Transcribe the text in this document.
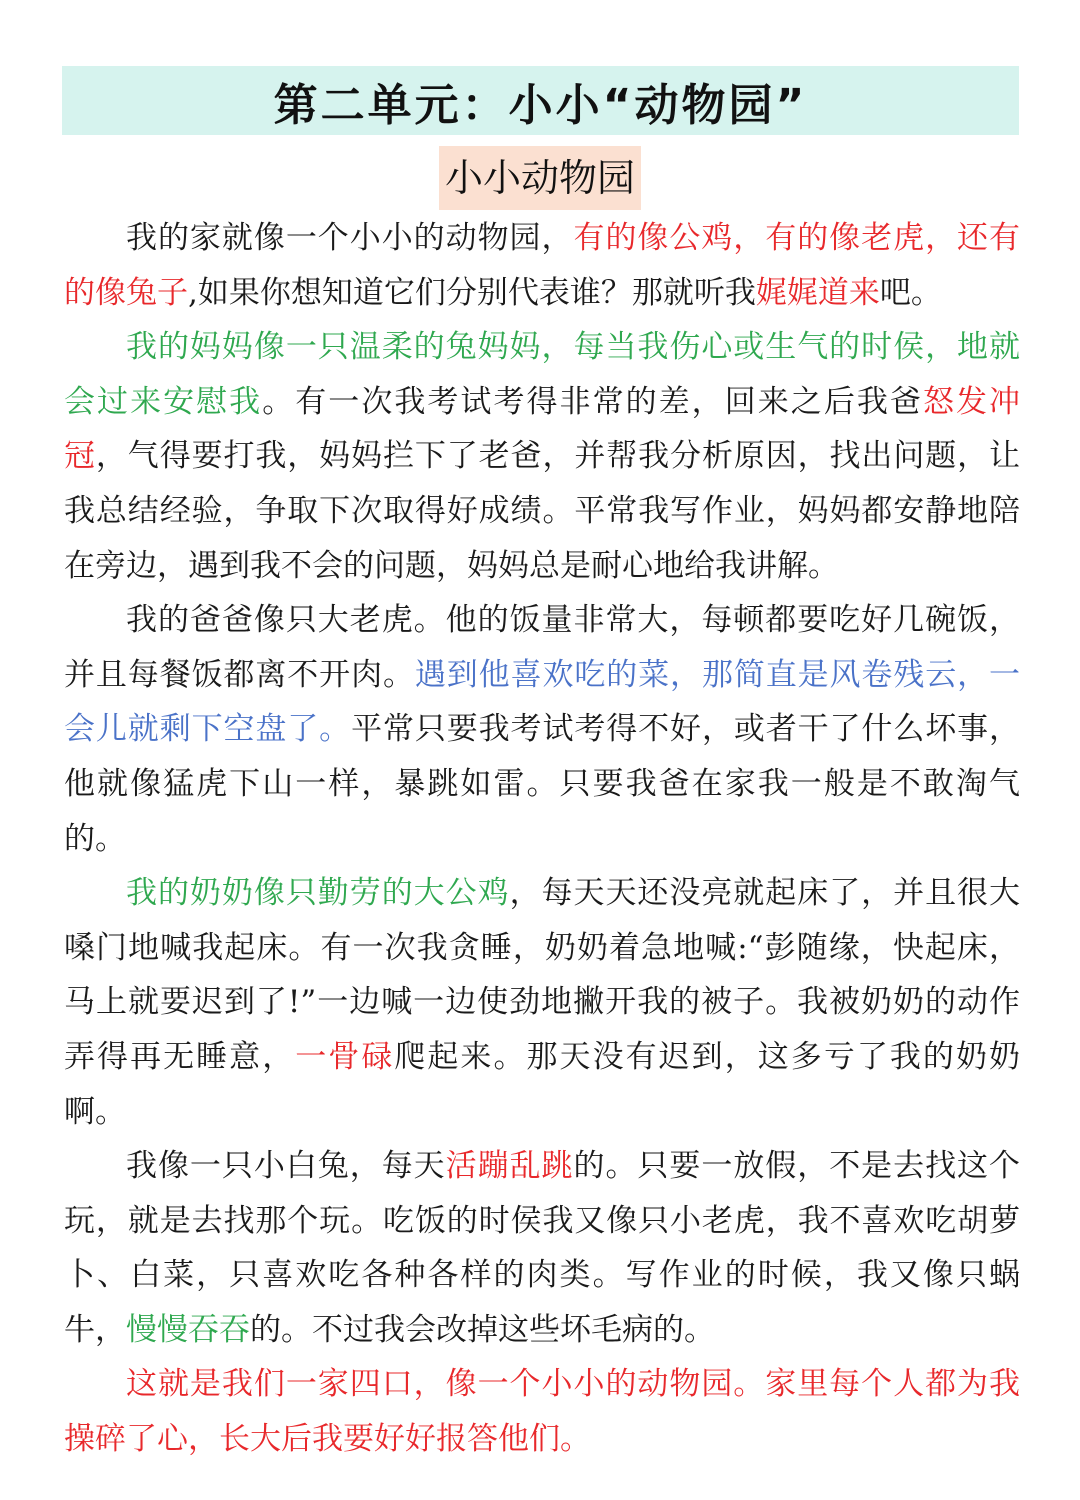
第二单元：小小“动物园”
小小动物园

我的家就像一个小小的动物园，有的像公鸡，有的像老虎，还有的像兔子,如果你想知道它们分别代表谁？那就听我娓娓道来吧。

我的妈妈像一只温柔的兔妈妈，每当我伤心或生气的时侯，地就会过来安慰我。有一次我考试考得非常的差，回来之后我爸怒发冲冠，气得要打我，妈妈拦下了老爸，并帮我分析原因，找出问题，让我总结经验，争取下次取得好成绩。平常我写作业，妈妈都安静地陪在旁边，遇到我不会的问题，妈妈总是耐心地给我讲解。

我的爸爸像只大老虎。他的饭量非常大，每顿都要吃好几碗饭，并且每餐饭都离不开肉。遇到他喜欢吃的菜，那简直是风卷残云，一会儿就剩下空盘了。平常只要我考试考得不好，或者干了什么坏事，他就像猛虎下山一样，暴跳如雷。只要我爸在家我一般是不敢淘气的。

我的奶奶像只勤劳的大公鸡，每天天还没亮就起床了，并且很大嗓门地喊我起床。有一次我贪睡，奶奶着急地喊:“彭随缘，快起床，马上就要迟到了!”一边喊一边使劲地撇开我的被子。我被奶奶的动作弄得再无睡意，一骨碌爬起来。那天没有迟到，这多亏了我的奶奶啊。

我像一只小白兔，每天活蹦乱跳的。只要一放假，不是去找这个玩，就是去找那个玩。吃饭的时侯我又像只小老虎，我不喜欢吃胡萝卜、白菜，只喜欢吃各种各样的肉类。写作业的时候，我又像只蜗牛，慢慢吞吞的。不过我会改掉这些坏毛病的。

这就是我们一家四口，像一个小小的动物园。家里每个人都为我操碎了心，长大后我要好好报答他们。
